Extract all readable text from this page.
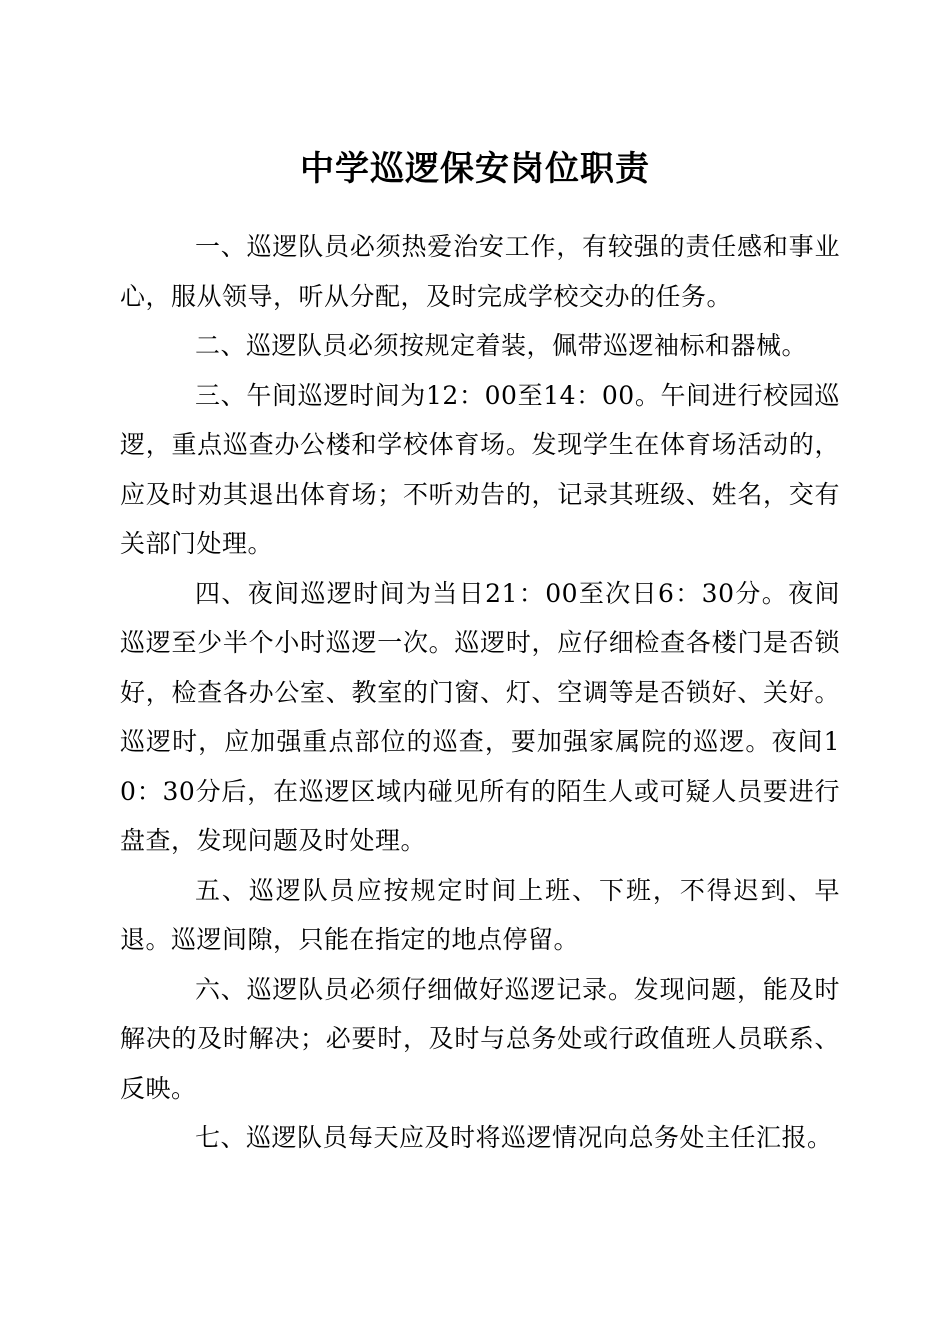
中学巡逻保安岗位职责

一、巡逻队员必须热爱治安工作，有较强的责任感和事业心，服从领导，听从分配，及时完成学校交办的任务。

二、巡逻队员必须按规定着装，佩带巡逻袖标和器械。

三、午间巡逻时间为12：00至14：00。午间进行校园巡逻，重点巡查办公楼和学校体育场。发现学生在体育场活动的，应及时劝其退出体育场；不听劝告的，记录其班级、姓名，交有关部门处理。

四、夜间巡逻时间为当日21：00至次日6：30分。夜间巡逻至少半个小时巡逻一次。巡逻时，应仔细检查各楼门是否锁好，检查各办公室、教室的门窗、灯、空调等是否锁好、关好。巡逻时，应加强重点部位的巡查，要加强家属院的巡逻。夜间10：30分后，在巡逻区域内碰见所有的陌生人或可疑人员要进行盘查，发现问题及时处理。

五、巡逻队员应按规定时间上班、下班，不得迟到、早退。巡逻间隙，只能在指定的地点停留。

六、巡逻队员必须仔细做好巡逻记录。发现问题，能及时解决的及时解决；必要时，及时与总务处或行政值班人员联系、反映。

七、巡逻队员每天应及时将巡逻情况向总务处主任汇报。
